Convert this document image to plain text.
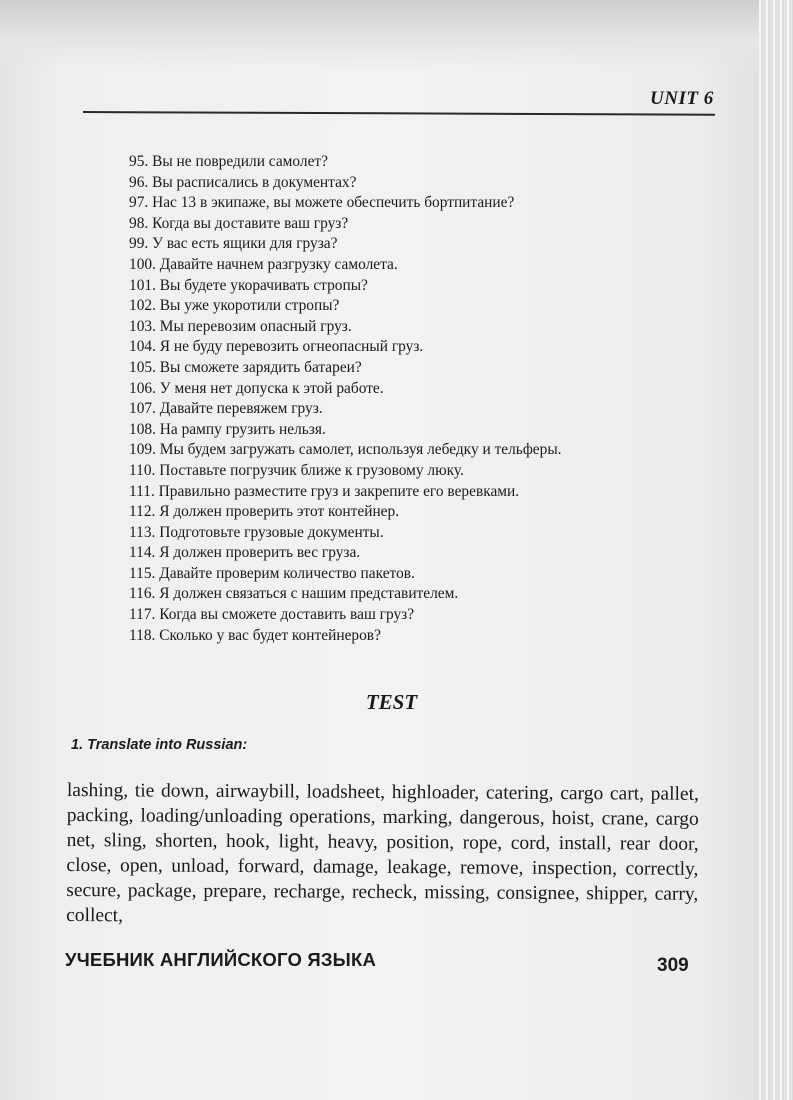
UNIT 6
95. Вы не повредили самолет?
96. Вы расписались в документах?
97. Нас 13 в экипаже, вы можете обеспечить бортпитание?
98. Когда вы доставите ваш груз?
99. У вас есть ящики для груза?
100. Давайте начнем разгрузку самолета.
101. Вы будете укорачивать стропы?
102. Вы уже укоротили стропы?
103. Мы перевозим опасный груз.
104. Я не буду перевозить огнеопасный груз.
105. Вы сможете зарядить батареи?
106. У меня нет допуска к этой работе.
107. Давайте перевяжем груз.
108. На рампу грузить нельзя.
109. Мы будем загружать самолет, используя лебедку и тельферы.
110. Поставьте погрузчик ближе к грузовому люку.
111. Правильно разместите груз и закрепите его веревками.
112. Я должен проверить этот контейнер.
113. Подготовьте грузовые документы.
114. Я должен проверить вес груза.
115. Давайте проверим количество пакетов.
116. Я должен связаться с нашим представителем.
117. Когда вы сможете доставить ваш груз?
118. Сколько у вас будет контейнеров?
TEST
1. Translate into Russian:
lashing, tie down, airwaybill, loadsheet, highloader, catering, cargo cart, pallet, packing, loading/unloading operations, marking, dangerous, hoist, crane, cargo net, sling, shorten, hook, light, heavy, position, rope, cord, install, rear door, close, open, unload, forward, damage, leakage, remove, inspection, correctly, secure, package, prepare, recharge, recheck, missing, consignee, shipper, carry, collect,
УЧЕБНИК АНГЛИЙСКОГО ЯЗЫКА	309
